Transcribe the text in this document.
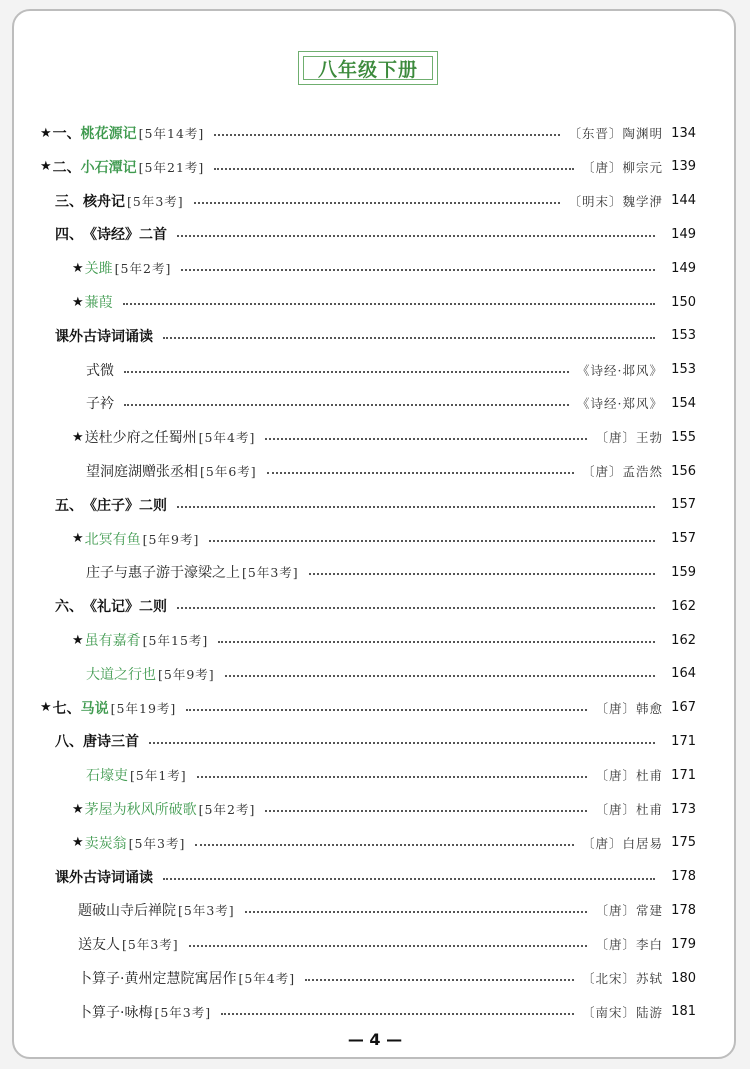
八年级下册
★ 一、 桃花源记 [5年14考]	〔东晋〕陶渊明 134
★ 二、 小石潭记 [5年21考]	〔唐〕柳宗元 139
三、 核舟记 [5年3考]	〔明末〕魏学洢 144
四、 《诗经》二首	149
★ 关雎 [5年2考]	149
★ 蒹葭	150
课外古诗词诵读	153
式微	《诗经·邶风》 153
子衿	《诗经·郑风》 154
★ 送杜少府之任蜀州 [5年4考]	〔唐〕王勃 155
望洞庭湖赠张丞相 [5年6考]	〔唐〕孟浩然 156
五、 《庄子》二则	157
★ 北冥有鱼 [5年9考]	157
庄子与惠子游于濠梁之上 [5年3考]	159
六、 《礼记》二则	162
★ 虽有嘉肴 [5年15考]	162
大道之行也 [5年9考]	164
★ 七、 马说 [5年19考]	〔唐〕韩愈 167
八、 唐诗三首	171
石壕吏 [5年1考]	〔唐〕杜甫 171
★ 茅屋为秋风所破歌 [5年2考]	〔唐〕杜甫 173
★ 卖炭翁 [5年3考]	〔唐〕白居易 175
课外古诗词诵读	178
题破山寺后禅院 [5年3考]	〔唐〕常建 178
送友人 [5年3考]	〔唐〕李白 179
卜算子·黄州定慧院寓居作 [5年4考]	〔北宋〕苏轼 180
卜算子·咏梅 [5年3考]	〔南宋〕陆游 181
— 4 —
